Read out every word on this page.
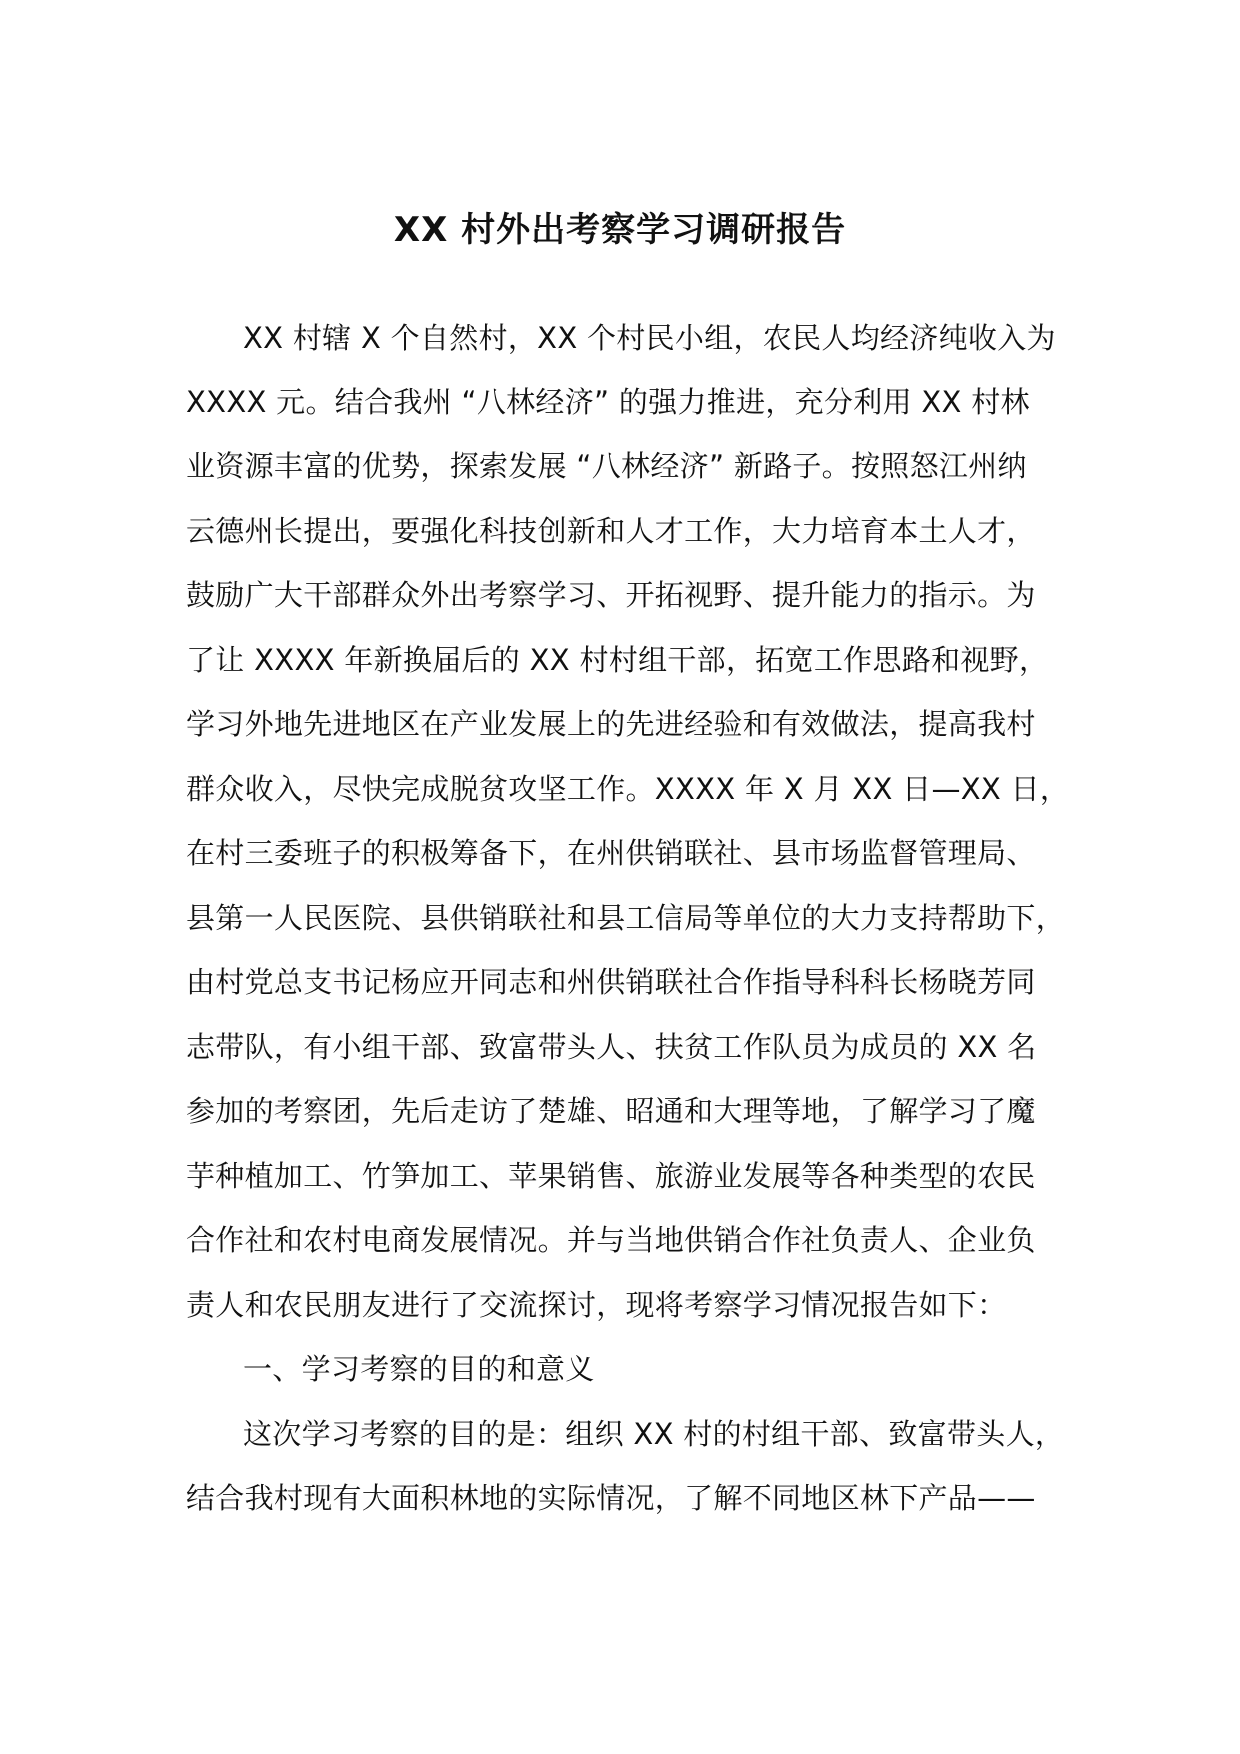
XX 村外出考察学习调研报告
XX 村辖 X 个自然村，XX 个村民小组，农民人均经济纯收入为
XXXX 元。结合我州 “八林经济” 的强力推进，充分利用 XX 村林
业资源丰富的优势，探索发展 “八林经济” 新路子。按照怒江州纳
云德州长提出，要强化科技创新和人才工作，大力培育本土人才，
鼓励广大干部群众外出考察学习、开拓视野、提升能力的指示。为
了让 XXXX 年新换届后的 XX 村村组干部，拓宽工作思路和视野，
学习外地先进地区在产业发展上的先进经验和有效做法，提高我村
群众收入，尽快完成脱贫攻坚工作。XXXX 年 X 月 XX 日—XX 日，
在村三委班子的积极筹备下，在州供销联社、县市场监督管理局、
县第一人民医院、县供销联社和县工信局等单位的大力支持帮助下，
由村党总支书记杨应开同志和州供销联社合作指导科科长杨晓芳同
志带队，有小组干部、致富带头人、扶贫工作队员为成员的 XX 名
参加的考察团，先后走访了楚雄、昭通和大理等地，了解学习了魔
芋种植加工、竹笋加工、苹果销售、旅游业发展等各种类型的农民
合作社和农村电商发展情况。并与当地供销合作社负责人、企业负
责人和农民朋友进行了交流探讨，现将考察学习情况报告如下：
一、学习考察的目的和意义
这次学习考察的目的是：组织 XX 村的村组干部、致富带头人，
结合我村现有大面积林地的实际情况，了解不同地区林下产品——
